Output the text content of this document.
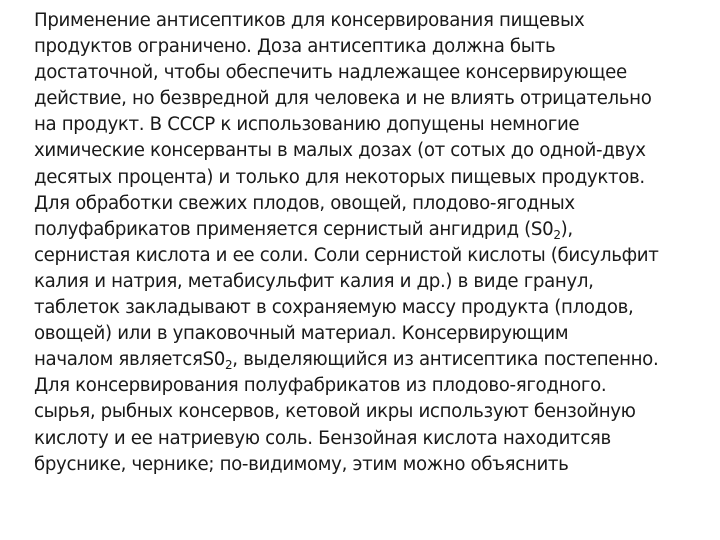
Применение антисептиков для консервирования пищевых
продуктов ограничено. Доза антисептика должна быть
достаточной, чтобы обеспечить надлежащее консервирующее
действие, но безвредной для человека и не влиять отрицательно
на продукт. В СССР к использованию допущены немногие
химические консерванты в малых дозах (от сотых до одной-двух
десятых процента) и только для некоторых пищевых продуктов.
Для обработки свежих плодов, овощей, плодово-ягодных
полуфабрикатов применяется сернистый ангидрид $(S0_2)$,
сернистая кислота и ее соли. Соли сернистой кислоты (бисульфит
калия и натрия, метабисульфит калия и др.) в виде гранул,
таблеток закладывают в сохраняемую массу продукта (плодов,
овощей) или в упаковочный материал. Консервирующим
началом $являетсяS0_2$, выделяющийся из антисептика постепенно.
Для консервирования полуфабрикатов из плодово-ягодного.
сырья, рыбных консервов, кетовой икры используют бензойную
кислоту и ее натриевую соль. Бензойная кислота находитсяв
бруснике, чернике; по-видимому, этим можно объяснить
